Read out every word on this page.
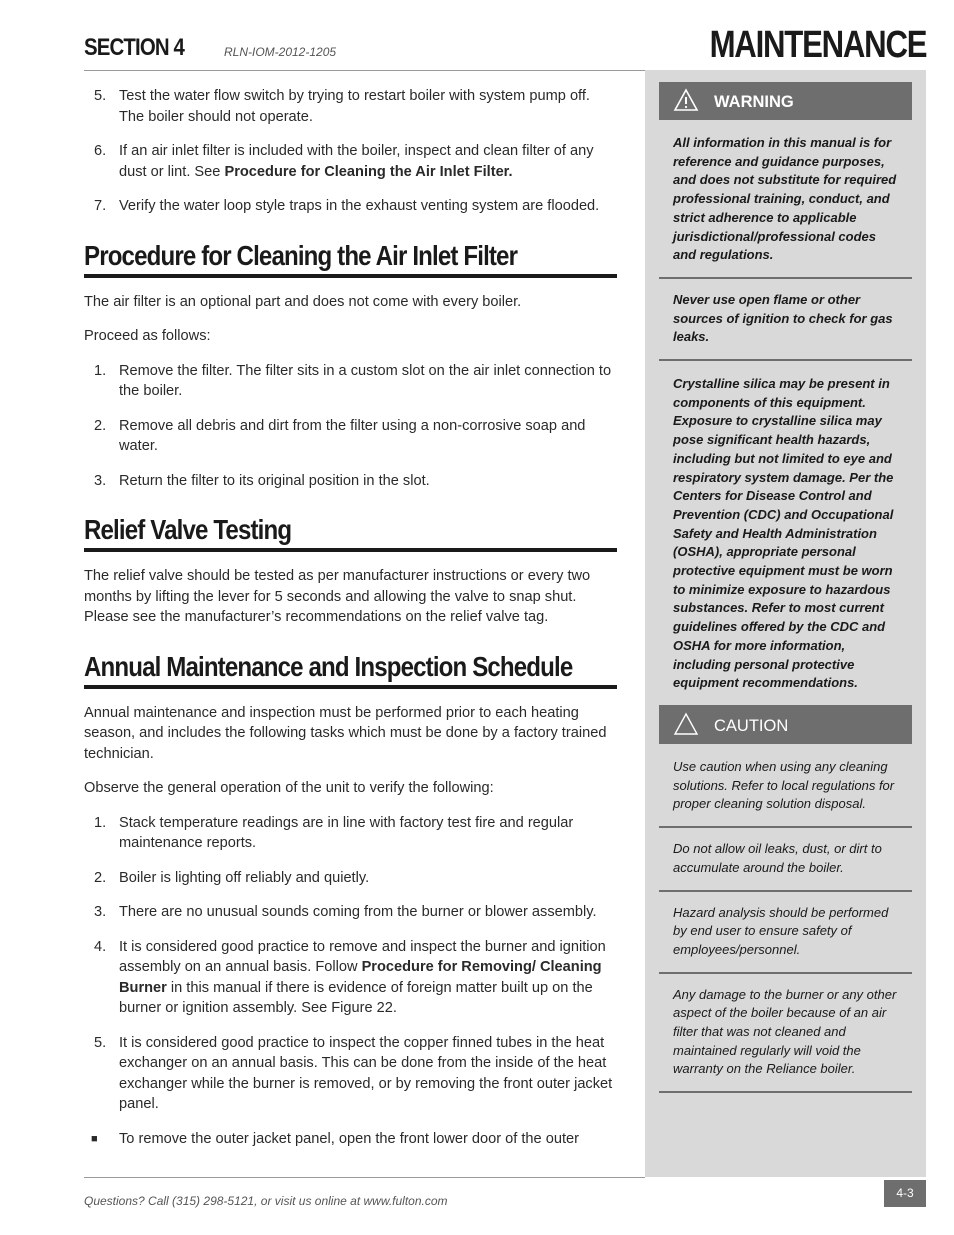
SECTION 4	RLN-IOM-2012-1205	MAINTENANCE
5. Test the water flow switch by trying to restart boiler with system pump off. The boiler should not operate.
6. If an air inlet filter is included with the boiler, inspect and clean filter of any dust or lint. See Procedure for Cleaning the Air Inlet Filter.
7. Verify the water loop style traps in the exhaust venting system are flooded.
Procedure for Cleaning the Air Inlet Filter

The air filter is an optional part and does not come with every boiler.

Proceed as follows:

1. Remove the filter. The filter sits in a custom slot on the air inlet connection to the boiler.
2. Remove all debris and dirt from the filter using a non-corrosive soap and water.
3. Return the filter to its original position in the slot.
Relief Valve Testing

The relief valve should be tested as per manufacturer instructions or every two months by lifting the lever for 5 seconds and allowing the valve to snap shut. Please see the manufacturer’s recommendations on the relief valve tag.

Annual Maintenance and Inspection Schedule

Annual maintenance and inspection must be performed prior to each heating season, and includes the following tasks which must be done by a factory trained technician.

Observe the general operation of the unit to verify the following:

1. Stack temperature readings are in line with factory test fire and regular maintenance reports.
2. Boiler is lighting off reliably and quietly.
3. There are no unusual sounds coming from the burner or blower assembly.
4. It is considered good practice to remove and inspect the burner and ignition assembly on an annual basis. Follow Procedure for Removing/ Cleaning Burner in this manual if there is evidence of foreign matter built up on the burner or ignition assembly. See Figure 22.
5. It is considered good practice to inspect the copper finned tubes in the heat exchanger on an annual basis. This can be done from the inside of the heat exchanger while the burner is removed, or by removing the front outer jacket panel.
■ To remove the outer jacket panel, open the front lower door of the outer
WARNING
All information in this manual is for reference and guidance purposes, and does not substitute for required professional training, conduct, and strict adherence to applicable jurisdictional/professional codes and regulations.
Never use open flame or other sources of ignition to check for gas leaks.
Crystalline silica may be present in components of this equipment. Exposure to crystalline silica may pose significant health hazards, including but not limited to eye and respiratory system damage. Per the Centers for Disease Control and Prevention (CDC) and Occupational Safety and Health Administration (OSHA), appropriate personal protective equipment must be worn to minimize exposure to hazardous substances. Refer to most current guidelines offered by the CDC and OSHA for more information, including personal protective equipment recommendations.
CAUTION
Use caution when using any cleaning solutions. Refer to local regulations for proper cleaning solution disposal.
Do not allow oil leaks, dust, or dirt to accumulate around the boiler.
Hazard analysis should be performed by end user to ensure safety of employees/personnel.
Any damage to the burner or any other aspect of the boiler because of an air filter that was not cleaned and maintained regularly will void the warranty on the Reliance boiler.
Questions? Call (315) 298-5121, or visit us online at www.fulton.com
4-3
